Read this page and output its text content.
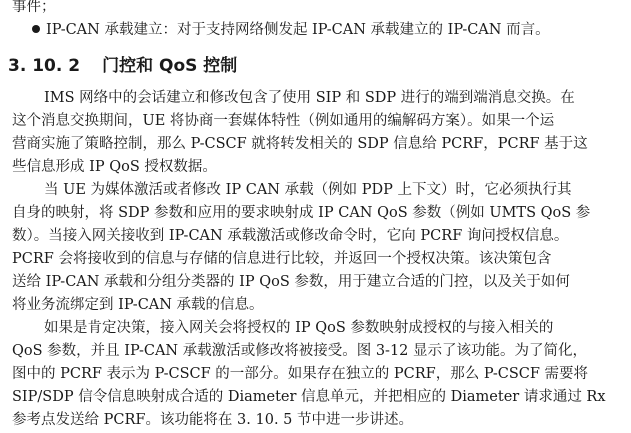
事件；
IP-CAN 承载建立：对于支持网络侧发起 IP-CAN 承载建立的 IP-CAN 而言。
3. 10. 2 门控和 QoS 控制
IMS 网络中的会话建立和修改包含了使用 SIP 和 SDP 进行的端到端消息交换。在
这个消息交换期间，UE 将协商一套媒体特性（例如通用的编解码方案）。如果一个运
营商实施了策略控制，那么 P-CSCF 就将转发相关的 SDP 信息给 PCRF，PCRF 基于这
些信息形成 IP QoS 授权数据。
当 UE 为媒体激活或者修改 IP CAN 承载（例如 PDP 上下文）时，它必须执行其
自身的映射，将 SDP 参数和应用的要求映射成 IP CAN QoS 参数（例如 UMTS QoS 参
数）。当接入网关接收到 IP-CAN 承载激活或修改命令时，它向 PCRF 询问授权信息。
PCRF 会将接收到的信息与存储的信息进行比较，并返回一个授权决策。该决策包含
送给 IP-CAN 承载和分组分类器的 IP QoS 参数，用于建立合适的门控，以及关于如何
将业务流绑定到 IP-CAN 承载的信息。
如果是肯定决策，接入网关会将授权的 IP QoS 参数映射成授权的与接入相关的
QoS 参数，并且 IP-CAN 承载激活或修改将被接受。图 3-12 显示了该功能。为了简化，
图中的 PCRF 表示为 P-CSCF 的一部分。如果存在独立的 PCRF，那么 P-CSCF 需要将
SIP/SDP 信令信息映射成合适的 Diameter 信息单元，并把相应的 Diameter 请求通过 Rx
参考点发送给 PCRF。该功能将在 3. 10. 5 节中进一步讲述。
